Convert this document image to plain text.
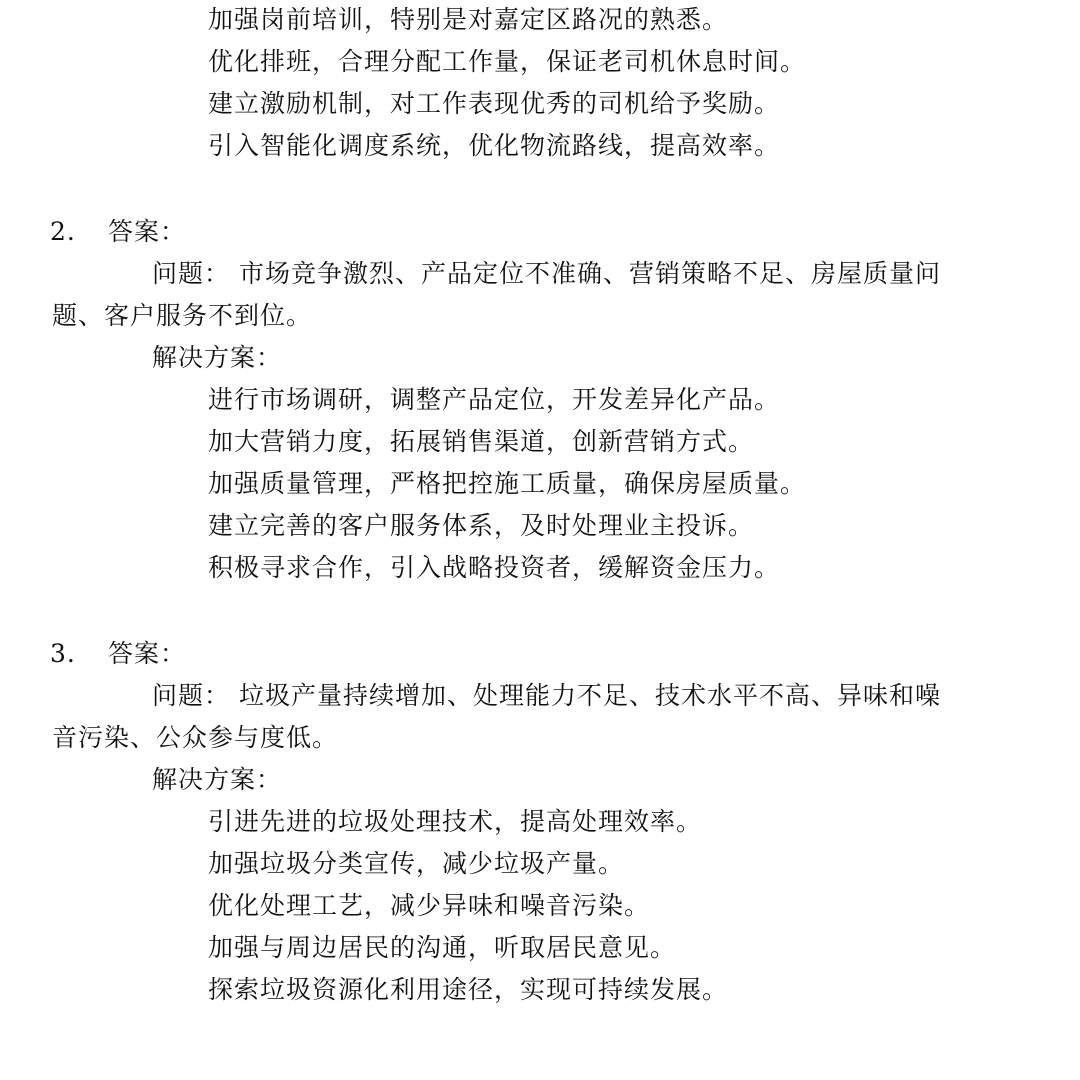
加强岗前培训，特别是对嘉定区路况的熟悉。
优化排班，合理分配工作量，保证老司机休息时间。
建立激励机制，对工作表现优秀的司机给予奖励。
引入智能化调度系统，优化物流路线，提高效率。
2. 答案：
问题： 市场竞争激烈、产品定位不准确、营销策略不足、房屋质量问
题、客户服务不到位。
解决方案：
进行市场调研，调整产品定位，开发差异化产品。
加大营销力度，拓展销售渠道，创新营销方式。
加强质量管理，严格把控施工质量，确保房屋质量。
建立完善的客户服务体系，及时处理业主投诉。
积极寻求合作，引入战略投资者，缓解资金压力。
3. 答案：
问题： 垃圾产量持续增加、处理能力不足、技术水平不高、异味和噪
音污染、公众参与度低。
解决方案：
引进先进的垃圾处理技术，提高处理效率。
加强垃圾分类宣传，减少垃圾产量。
优化处理工艺，减少异味和噪音污染。
加强与周边居民的沟通，听取居民意见。
探索垃圾资源化利用途径，实现可持续发展。
